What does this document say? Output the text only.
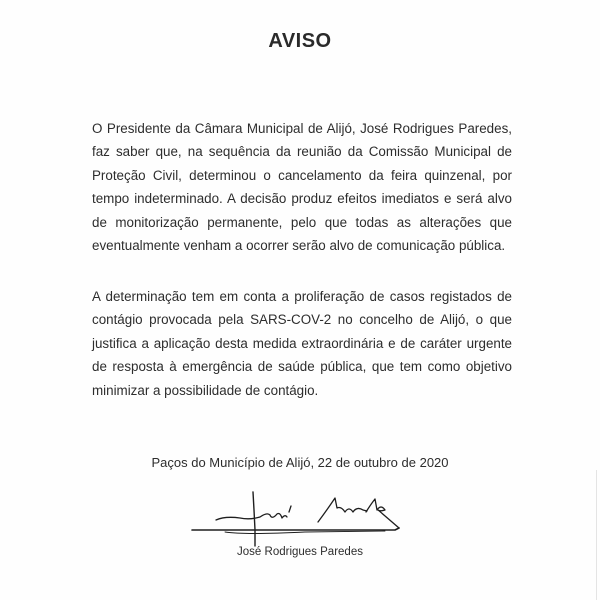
AVISO

O Presidente da Câmara Municipal de Alijó, José Rodrigues Paredes, faz saber que, na sequência da reunião da Comissão Municipal de Proteção Civil, determinou o cancelamento da feira quinzenal, por tempo indeterminado. A decisão produz efeitos imediatos e será alvo de monitorização permanente, pelo que todas as alterações que eventualmente venham a ocorrer serão alvo de comunicação pública.

A determinação tem em conta a proliferação de casos registados de contágio provocada pela SARS-COV-2 no concelho de Alijó, o que justifica a aplicação desta medida extraordinária e de caráter urgente de resposta à emergência de saúde pública, que tem como objetivo minimizar a possibilidade de contágio.

Paços do Município de Alijó, 22 de outubro de 2020
José Rodrigues Paredes
